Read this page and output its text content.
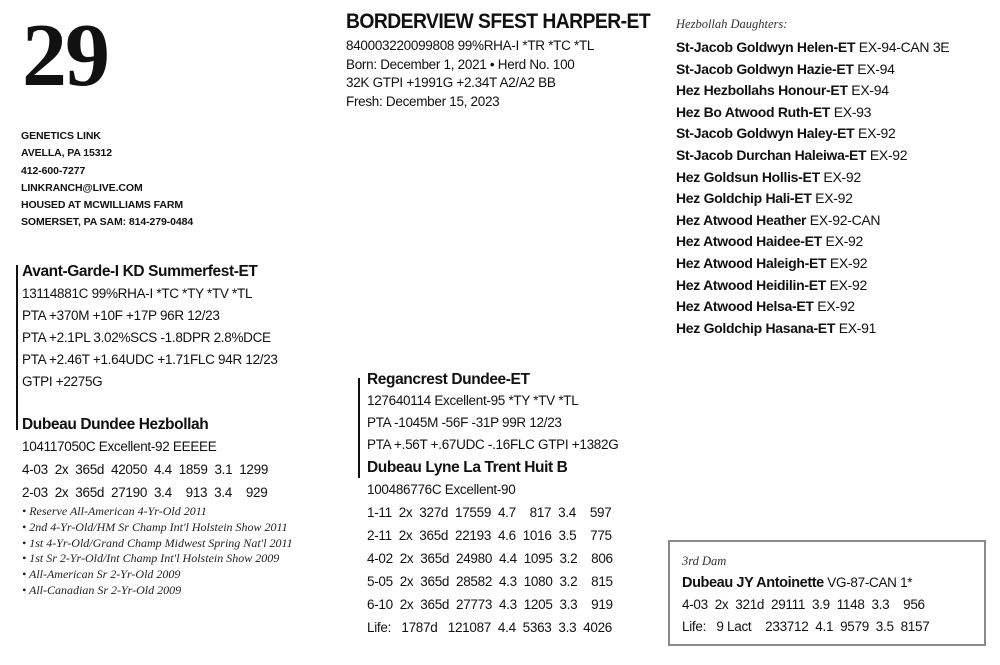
29
GENETICS LINK
AVELLA, PA 15312
412-600-7277
LINKRANCH@LIVE.COM
HOUSED AT MCWILLIAMS FARM
SOMERSET, PA SAM: 814-279-0484
BORDERVIEW SFEST HARPER-ET
840003220099808 99%RHA-I *TR *TC *TL
Born: December 1, 2021 • Herd No. 100
32K GTPI +1991G +2.34T A2/A2 BB
Fresh: December 15, 2023
Avant-Garde-I KD Summerfest-ET
13114881C 99%RHA-I *TC *TY *TV *TL
PTA +370M +10F +17P 96R 12/23
PTA +2.1PL 3.02%SCS -1.8DPR 2.8%DCE
PTA +2.46T +1.64UDC +1.71FLC 94R 12/23
GTPI +2275G
Dubeau Dundee Hezbollah
104117050C Excellent-92 EEEEE
4-03  2x  365d  42050  4.4  1859  3.1  1299
2-03  2x  365d  27190  3.4    913  3.4    929
• Reserve All-American 4-Yr-Old 2011
• 2nd 4-Yr-Old/HM Sr Champ Int'l Holstein Show 2011
• 1st 4-Yr-Old/Grand Champ Midwest Spring Nat'l 2011
• 1st Sr 2-Yr-Old/Int Champ Int'l Holstein Show 2009
• All-American Sr 2-Yr-Old 2009
• All-Canadian Sr 2-Yr-Old 2009
Regancrest Dundee-ET
127640114 Excellent-95 *TY *TV *TL
PTA -1045M -56F -31P 99R 12/23
PTA +.56T +.67UDC -.16FLC GTPI +1382G
Dubeau Lyne La Trent Huit B
100486776C Excellent-90
1-11  2x  327d  17559  4.7    817  3.4    597
2-11  2x  365d  22193  4.6  1016  3.5    775
4-02  2x  365d  24980  4.4  1095  3.2    806
5-05  2x  365d  28582  4.3  1080  3.2    815
6-10  2x  365d  27773  4.3  1205  3.3    919
Life:   1787d   121087  4.4  5363  3.3  4026
Hezbollah Daughters:
St-Jacob Goldwyn Helen-ET EX-94-CAN 3E
St-Jacob Goldwyn Hazie-ET EX-94
Hez Hezbollahs Honour-ET EX-94
Hez Bo Atwood Ruth-ET EX-93
St-Jacob Goldwyn Haley-ET EX-92
St-Jacob Durchan Haleiwa-ET EX-92
Hez Goldsun Hollis-ET EX-92
Hez Goldchip Hali-ET EX-92
Hez Atwood Heather EX-92-CAN
Hez Atwood Haidee-ET EX-92
Hez Atwood Haleigh-ET EX-92
Hez Atwood Heidilin-ET EX-92
Hez Atwood Helsa-ET EX-92
Hez Goldchip Hasana-ET EX-91
3rd Dam
Dubeau JY Antoinette VG-87-CAN 1*
4-03  2x  321d  29111  3.9  1148  3.3    956
Life:   9 Lact    233712  4.1  9579  3.5  8157
